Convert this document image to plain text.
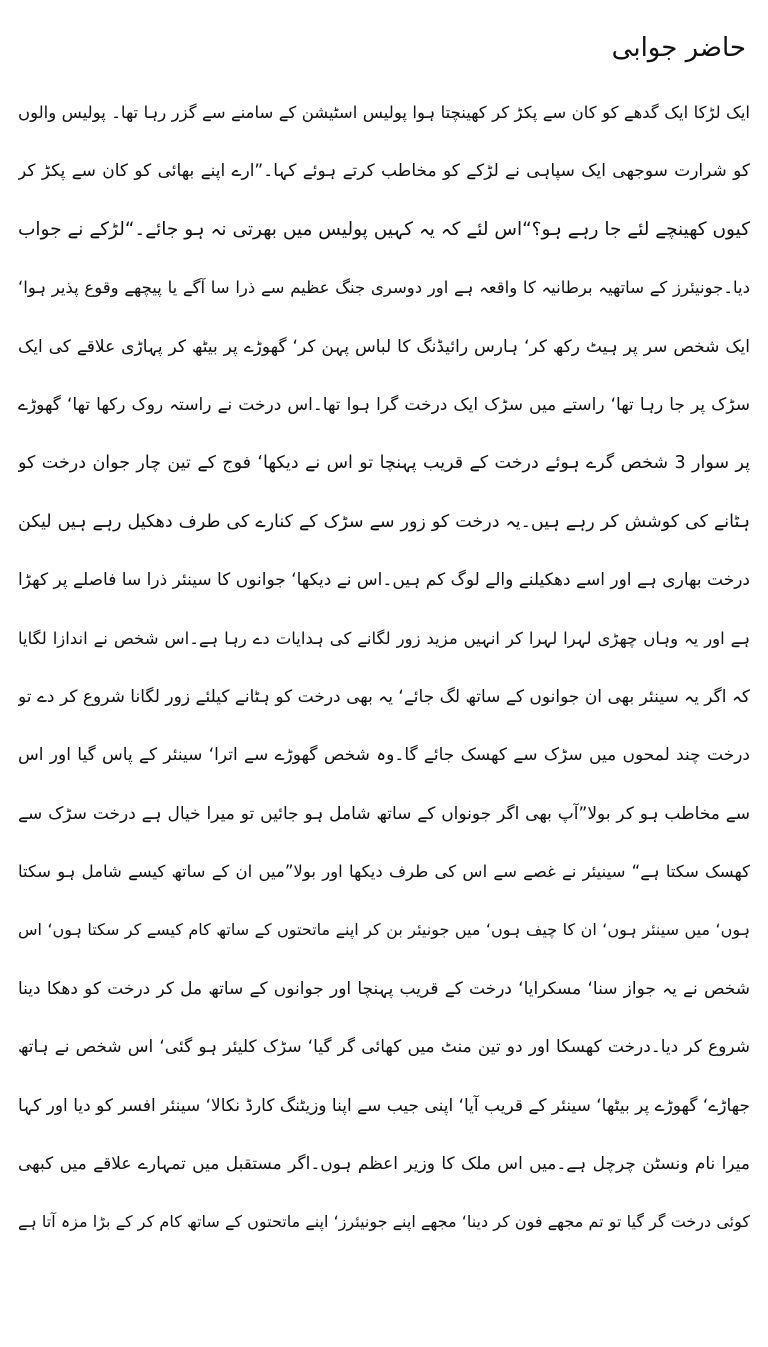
حاضر جوابی
ایک لڑکا ایک گدھے کو کان سے پکڑ کر کھینچتا ہوا پولیس اسٹیشن کے سامنے سے گزر رہا تھا۔ پولیس والوں
کو شرارت سوجھی ایک سپاہی نے لڑکے کو مخاطب کرتے ہوئے کہا۔”ارے اپنے بھائی کو کان سے پکڑ کر
کیوں کھینچے لئے جا رہے ہو؟“اس لئے کہ یہ کہیں پولیس میں بھرتی نہ ہو جائے۔“لڑکے نے جواب
دیا۔جونیئرز کے ساتھیہ برطانیہ کا واقعہ ہے اور دوسری جنگ عظیم سے ذرا سا آگے یا پیچھے وقوع پذیر ہوا‘
ایک شخص سر پر ہیٹ رکھ کر‘ ہارس رائیڈنگ کا لباس پہن کر‘ گھوڑے پر بیٹھ کر پہاڑی علاقے کی ایک
سڑک پر جا رہا تھا‘ راستے میں سڑک ایک درخت گرا ہوا تھا۔اس درخت نے راستہ روک رکھا تھا‘ گھوڑے
پر سوار 3 شخص گرے ہوئے درخت کے قریب پہنچا تو اس نے دیکھا‘ فوج کے تین چار جوان درخت کو
ہٹانے کی کوشش کر رہے ہیں۔یہ درخت کو زور سے سڑک کے کنارے کی طرف دھکیل رہے ہیں لیکن
درخت بھاری ہے اور اسے دھکیلنے والے لوگ کم ہیں۔اس نے دیکھا‘ جوانوں کا سینئر ذرا سا فاصلے پر کھڑا
ہے اور یہ وہاں چھڑی لہرا لہرا کر انہیں مزید زور لگانے کی ہدایات دے رہا ہے۔اس شخص نے اندازا لگایا
کہ اگر یہ سینئر بھی ان جوانوں کے ساتھ لگ جائے‘ یہ بھی درخت کو ہٹانے کیلئے زور لگانا شروع کر دے تو
درخت چند لمحوں میں سڑک سے کھسک جائے گا۔وہ شخص گھوڑے سے اترا‘ سینئر کے پاس گیا اور اس
سے مخاطب ہو کر بولا”آپ بھی اگر جونواں کے ساتھ شامل ہو جائیں تو میرا خیال ہے درخت سڑک سے
کھسک سکتا ہے“ سینیئر نے غصے سے اس کی طرف دیکھا اور بولا”میں ان کے ساتھ کیسے شامل ہو سکتا
ہوں‘ میں سینئر ہوں‘ ان کا چیف ہوں‘ میں جونیئر بن کر اپنے ماتحتوں کے ساتھ کام کیسے کر سکتا ہوں‘ اس
شخص نے یہ جواز سنا‘ مسکرایا‘ درخت کے قریب پہنچا اور جوانوں کے ساتھ مل کر درخت کو دھکا دینا
شروع کر دیا۔درخت کھسکا اور دو تین منٹ میں کھائی گر گیا‘ سڑک کلیئر ہو گئی‘ اس شخص نے ہاتھ
جھاڑے‘ گھوڑے پر بیٹھا‘ سینئر کے قریب آیا‘ اپنی جیب سے اپنا وزیٹنگ کارڈ نکالا‘ سینئر افسر کو دیا اور کہا
میرا نام ونسٹن چرچل ہے۔میں اس ملک کا وزیر اعظم ہوں۔اگر مستقبل میں تمہارے علاقے میں کبھی
کوئی درخت گر گیا تو تم مجھے فون کر دینا‘ مجھے اپنے جونیئرز‘ اپنے ماتحتوں کے ساتھ کام کر کے بڑا مزہ آتا ہے
